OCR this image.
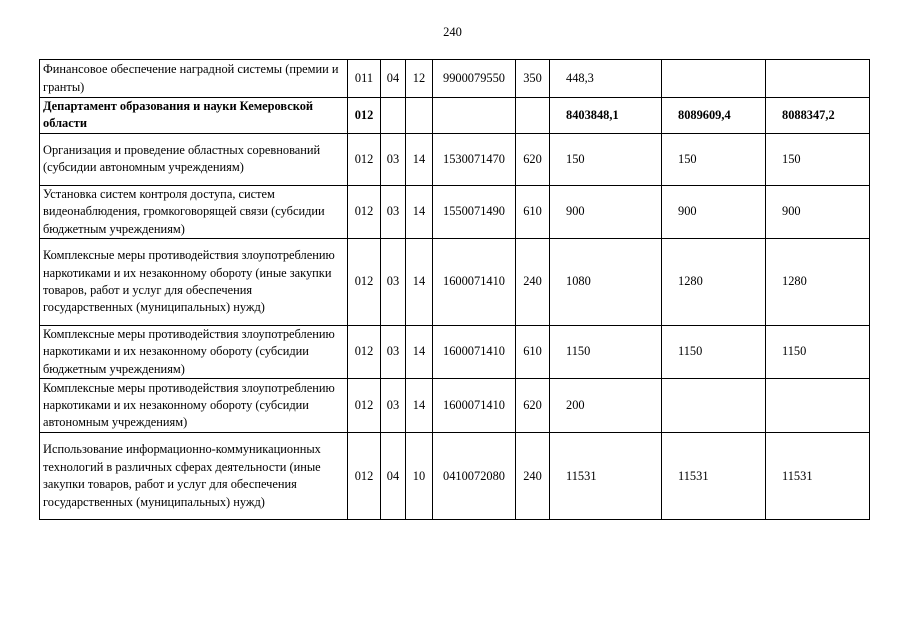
240
Финансовое обеспечение наградной системы (премии и гранты)	011	04	12	9900079550	350	448,3		
Департамент образования и науки Кемеровской области	012					8403848,1	8089609,4	8088347,2
Организация и проведение областных соревнований (субсидии автономным учреждениям)	012	03	14	1530071470	620	150	150	150
Установка систем контроля доступа, систем видеонаблюдения, громкоговорящей связи (субсидии бюджетным учреждениям)	012	03	14	1550071490	610	900	900	900
Комплексные меры противодействия злоупотреблению наркотиками и их незаконному обороту (иные закупки товаров, работ и услуг для обеспечения государственных (муниципальных) нужд)	012	03	14	1600071410	240	1080	1280	1280
Комплексные меры противодействия злоупотреблению наркотиками и их незаконному обороту (субсидии бюджетным учреждениям)	012	03	14	1600071410	610	1150	1150	1150
Комплексные меры противодействия злоупотреблению наркотиками и их незаконному обороту (субсидии автономным учреждениям)	012	03	14	1600071410	620	200		
Использование информационно-коммуникационных технологий в различных сферах деятельности (иные закупки товаров, работ и услуг для обеспечения государственных (муниципальных) нужд)	012	04	10	0410072080	240	11531	11531	11531
